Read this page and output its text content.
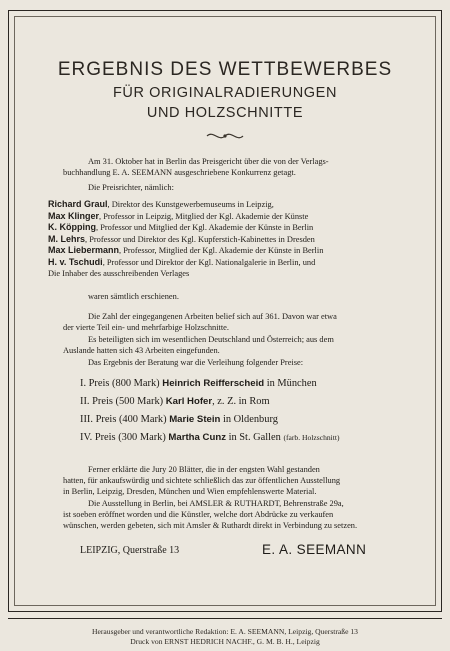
ERGEBNIS DES WETTBEWERBES
FÜR ORIGINALRADIERUNGEN
UND HOLZSCHNITTE
Am 31. Oktober hat in Berlin das Preisgericht über die von der Verlags-
buchhandlung E. A. SEEMANN ausgeschriebene Konkurrenz getagt.
Die Preisrichter, nämlich:
Richard Graul, Direktor des Kunstgewerbemuseums in Leipzig,
Max Klinger, Professor in Leipzig, Mitglied der Kgl. Akademie der Künste
K. Köpping, Professor und Mitglied der Kgl. Akademie der Künste in Berlin
M. Lehrs, Professor und Direktor des Kgl. Kupferstich-Kabinettes in Dresden
Max Liebermann, Professor, Mitglied der Kgl. Akademie der Künste in Berlin
H. v. Tschudi, Professor und Direktor der Kgl. Nationalgalerie in Berlin, und
Die Inhaber des ausschreibenden Verlages
waren sämtlich erschienen.
Die Zahl der eingegangenen Arbeiten belief sich auf 361. Davon war etwa
der vierte Teil ein- und mehrfarbige Holzschnitte.
Es beteiligten sich im wesentlichen Deutschland und Österreich; aus dem
Auslande hatten sich 43 Arbeiten eingefunden.
Das Ergebnis der Beratung war die Verleihung folgender Preise:
I. Preis (800 Mark) Heinrich Reifferscheid in München
II. Preis (500 Mark) Karl Hofer, z. Z. in Rom
III. Preis (400 Mark) Marie Stein in Oldenburg
IV. Preis (300 Mark) Martha Cunz in St. Gallen (farb. Holzschnitt)
Ferner erklärte die Jury 20 Blätter, die in der engsten Wahl gestanden
hatten, für ankaufswürdig und sichtete schließlich das zur öffentlichen Ausstellung
in Berlin, Leipzig, Dresden, München und Wien empfehlenswerte Material.
Die Ausstellung in Berlin, bei AMSLER & RUTHARDT, Behrenstraße 29a,
ist soeben eröffnet worden und die Künstler, welche dort Abdrücke zu verkaufen
wünschen, werden gebeten, sich mit Amsler & Ruthardt direkt in Verbindung zu setzen.
LEIPZIG, Querstraße 13	E. A. SEEMANN
Herausgeber und verantwortliche Redaktion: E. A. SEEMANN, Leipzig, Querstraße 13
Druck von ERNST HEDRICH NACHF., G. M. B. H., Leipzig
